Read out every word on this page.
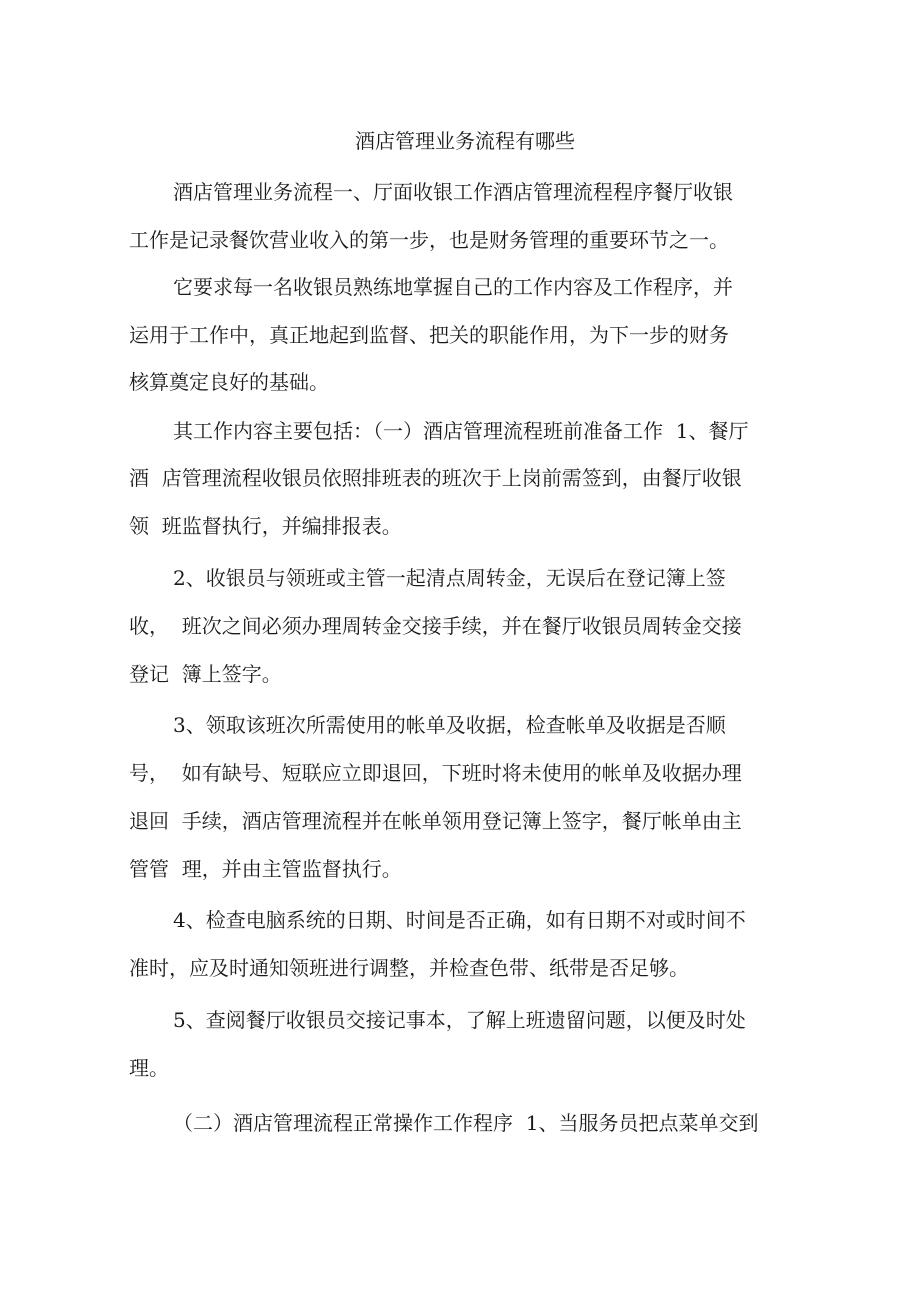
酒店管理业务流程有哪些
酒店管理业务流程一、厅面收银工作酒店管理流程程序餐厅收银
工作是记录餐饮营业收入的第一步，也是财务管理的重要环节之一。
它要求每一名收银员熟练地掌握自己的工作内容及工作程序，并
运用于工作中，真正地起到监督、把关的职能作用，为下一步的财务
核算奠定良好的基础。
其工作内容主要包括：（一）酒店管理流程班前准备工作  1、餐厅
酒  店管理流程收银员依照排班表的班次于上岗前需签到，由餐厅收银
领  班监督执行，并编排报表。
2、收银员与领班或主管一起清点周转金，无误后在登记簿上签
收，  班次之间必须办理周转金交接手续，并在餐厅收银员周转金交接
登记  簿上签字。
3、领取该班次所需使用的帐单及收据，检查帐单及收据是否顺
号，  如有缺号、短联应立即退回，下班时将未使用的帐单及收据办理
退回  手续，酒店管理流程并在帐单领用登记簿上签字，餐厅帐单由主
管管  理，并由主管监督执行。
4、检查电脑系统的日期、时间是否正确，如有日期不对或时间不
准时，应及时通知领班进行调整，并检查色带、纸带是否足够。
5、查阅餐厅收银员交接记事本，了解上班遗留问题，以便及时处
理。
（二）酒店管理流程正常操作工作程序  1、当服务员把点菜单交到
